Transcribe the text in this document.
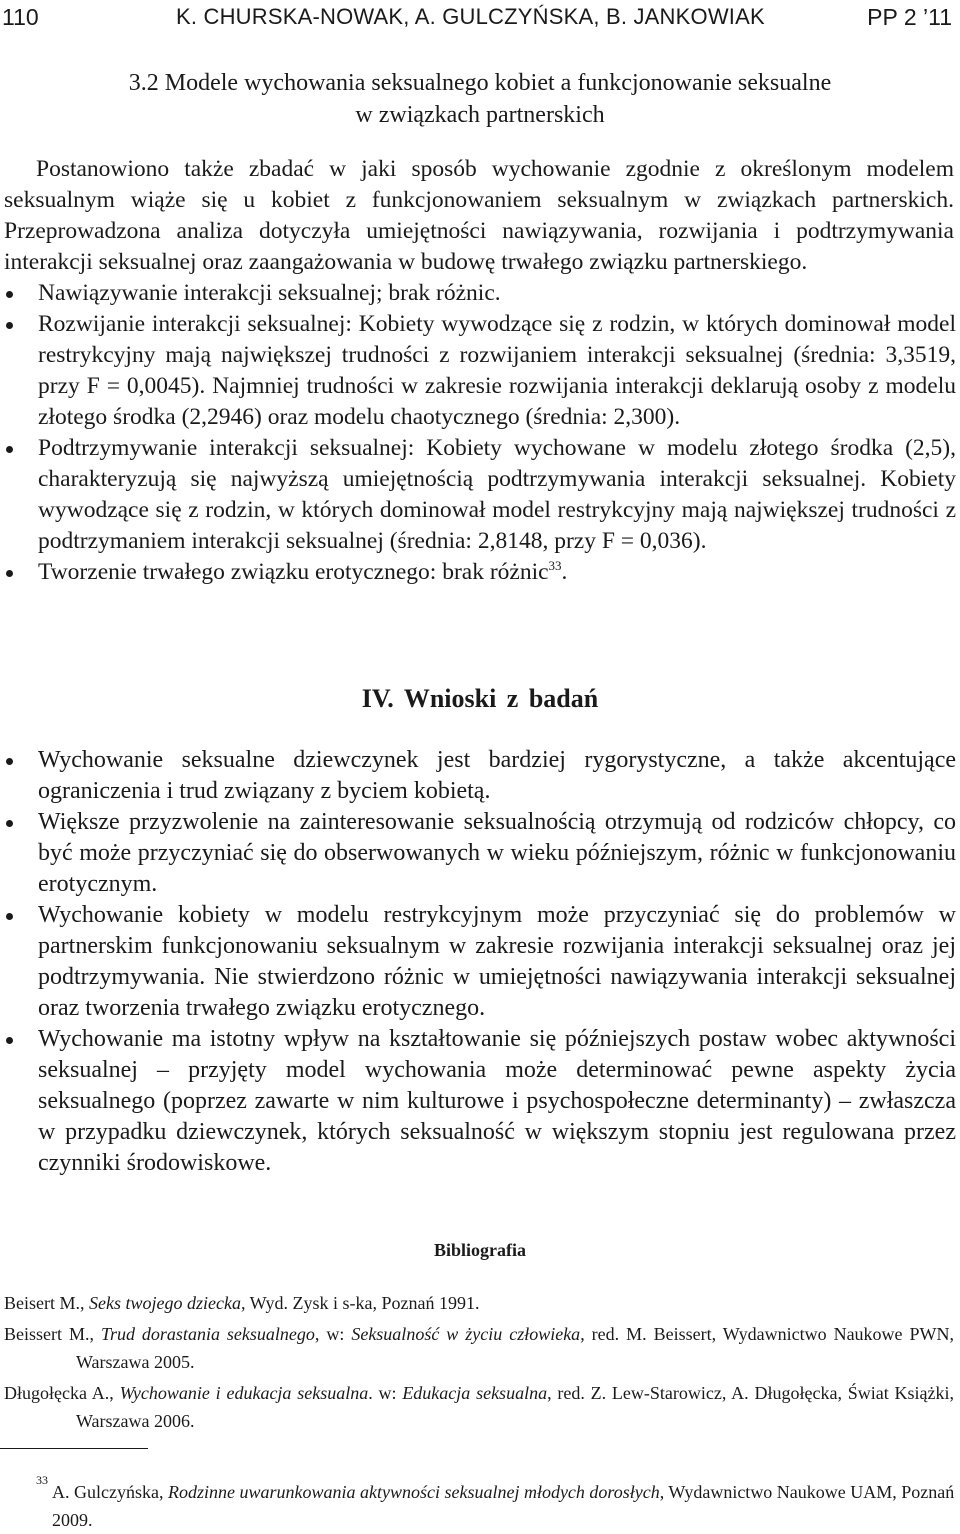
110	K. CHURSKA-NOWAK, A. GULCZYŃSKA, B. JANKOWIAK	PP 2 ’11
3.2 Modele wychowania seksualnego kobiet a funkcjonowanie seksualne
w związkach partnerskich

Postanowiono także zbadać w jaki sposób wychowanie zgodnie z określonym modelem seksualnym wiąże się u kobiet z funkcjonowaniem seksualnym w związkach partnerskich. Przeprowadzona analiza dotyczyła umiejętności nawiązywania, rozwijania i podtrzymywania interakcji seksualnej oraz zaangażowania w budowę trwałego związku partnerskiego.

Nawiązywanie interakcji seksualnej; brak różnic.
Rozwijanie interakcji seksualnej: Kobiety wywodzące się z rodzin, w których dominował model restrykcyjny mają największej trudności z rozwijaniem interakcji seksualnej (średnia: 3,3519, przy F = 0,0045). Najmniej trudności w zakresie rozwijania interakcji deklarują osoby z modelu złotego środka (2,2946) oraz modelu chaotycznego (średnia: 2,300).
Podtrzymywanie interakcji seksualnej: Kobiety wychowane w modelu złotego środka (2,5), charakteryzują się najwyższą umiejętnością podtrzymywania interakcji seksualnej. Kobiety wywodzące się z rodzin, w których dominował model restrykcyjny mają największej trudności z podtrzymaniem interakcji seksualnej (średnia: 2,8148, przy F = 0,036).
Tworzenie trwałego związku erotycznego: brak różnic$^{33}$.
IV. Wnioski z badań
Wychowanie seksualne dziewczynek jest bardziej rygorystyczne, a także akcentujące ograniczenia i trud związany z byciem kobietą.
Większe przyzwolenie na zainteresowanie seksualnością otrzymują od rodziców chłopcy, co być może przyczyniać się do obserwowanych w wieku późniejszym, różnic w funkcjonowaniu erotycznym.
Wychowanie kobiety w modelu restrykcyjnym może przyczyniać się do problemów w partnerskim funkcjonowaniu seksualnym w zakresie rozwijania interakcji seksualnej oraz jej podtrzymywania. Nie stwierdzono różnic w umiejętności nawiązywania interakcji seksualnej oraz tworzenia trwałego związku erotycznego.
Wychowanie ma istotny wpływ na kształtowanie się późniejszych postaw wobec aktywności seksualnej – przyjęty model wychowania może determinować pewne aspekty życia seksualnego (poprzez zawarte w nim kulturowe i psychospołeczne determinanty) – zwłaszcza w przypadku dziewczynek, których seksualność w większym stopniu jest regulowana przez czynniki środowiskowe.
Bibliografia
Beisert M., Seks twojego dziecka, Wyd. Zysk i s-ka, Poznań 1991.
Beissert M., Trud dorastania seksualnego, w: Seksualność w życiu człowieka, red. M. Beissert, Wydawnictwo Naukowe PWN, Warszawa 2005.
Długołęcka A., Wychowanie i edukacja seksualna. w: Edukacja seksualna, red. Z. Lew-Starowicz, A. Długołęcka, Świat Książki, Warszawa 2006.
33
A. Gulczyńska, Rodzinne uwarunkowania aktywności seksualnej młodych dorosłych, Wydawnictwo Naukowe UAM, Poznań 2009.
